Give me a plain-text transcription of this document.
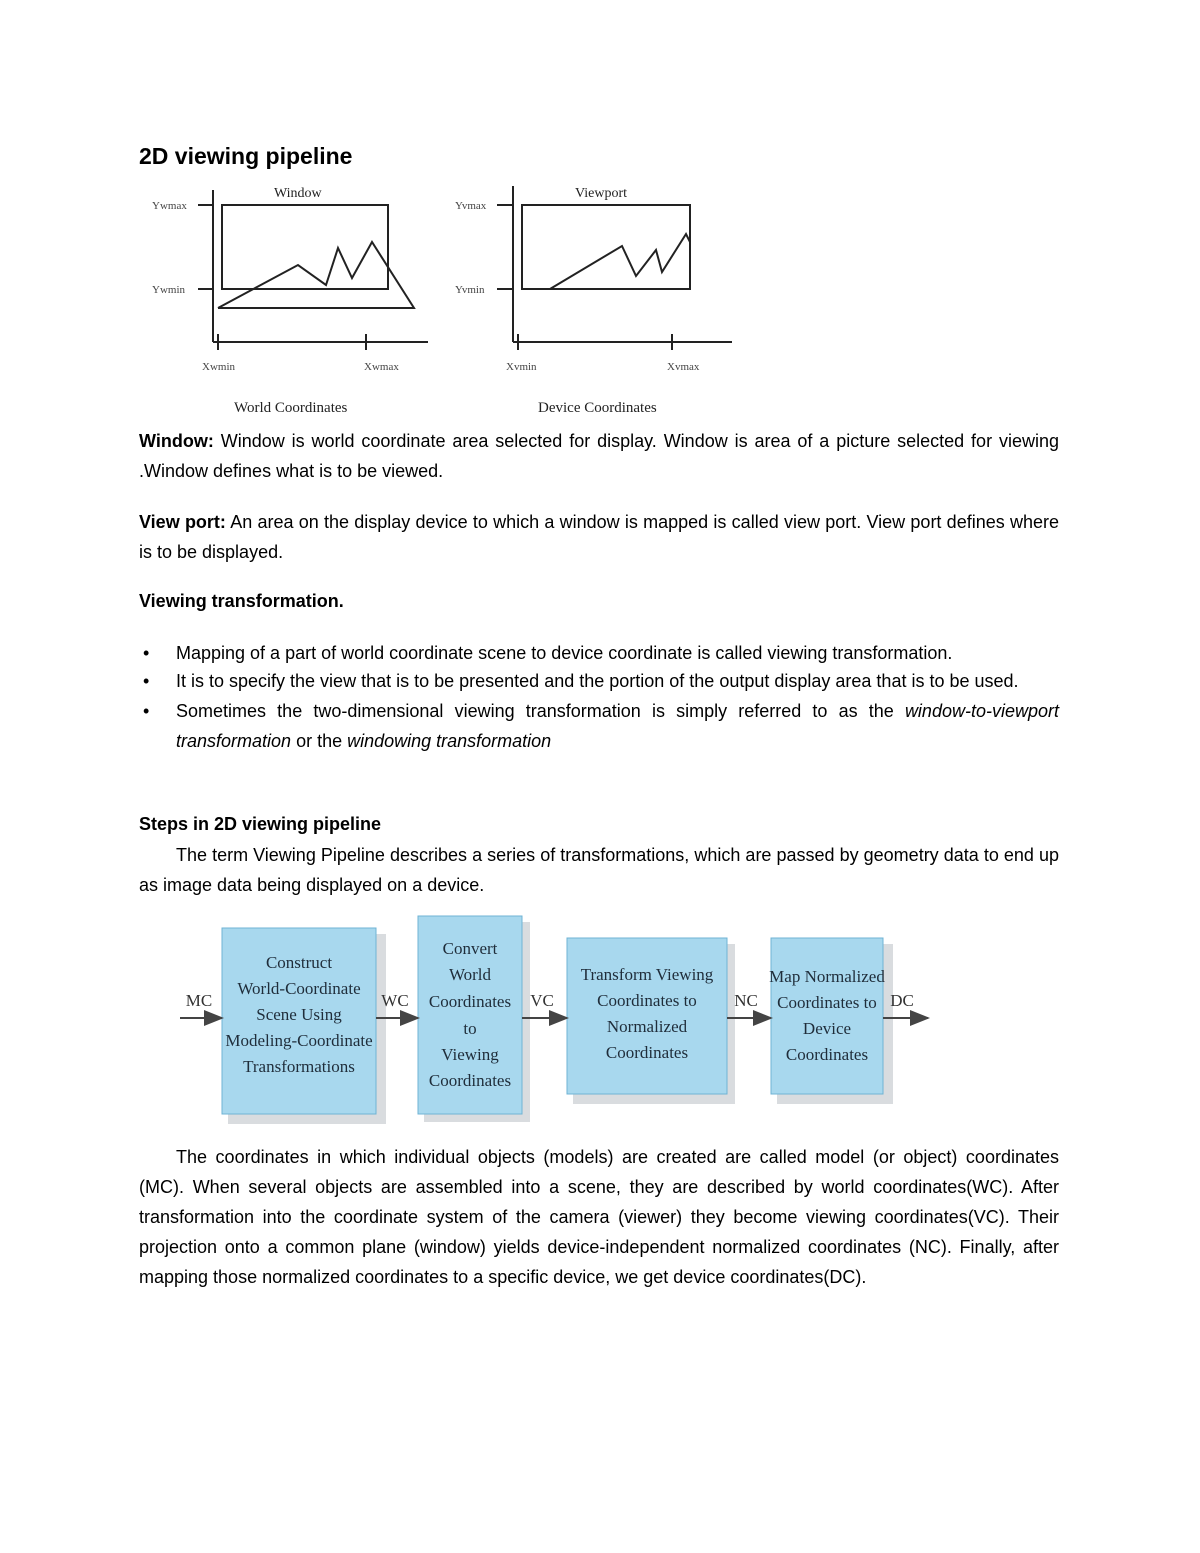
2D viewing pipeline
Ywmax
Ywmin
Xwmin	Xwmax
Window
World Coordinates
Yvmax
Yvmin
Xvmin	Xvmax
Viewport
Device Coordinates
Window: Window is world coordinate area selected for display. Window is area of a picture selected for viewing .Window defines what is to be viewed.
View port: An area on the display device to which a window is mapped is called view port. View port defines where is to be displayed.
Viewing transformation.
• Mapping of a part of world coordinate scene to device coordinate is called viewing transformation.
• It is to specify the view that is to be presented and the portion of the output display area that is to be used.
• Sometimes the two-dimensional viewing transformation is simply referred to as the window-to-viewport transformation or the windowing transformation
Steps in 2D viewing pipeline
The term Viewing Pipeline describes a series of transformations, which are passed by geometry data to end up as image data being displayed on a device.
MC	WC	VC	NC	DC
Construct
World-Coordinate
Scene Using
Modeling-Coordinate
Transformations
Convert
World
Coordinates
to
Viewing
Coordinates
Transform Viewing
Coordinates to
Normalized
Coordinates
Map Normalized
Coordinates to
Device
Coordinates
The coordinates in which individual objects (models) are created are called model (or object) coordinates (MC). When several objects are assembled into a scene, they are described by world coordinates(WC). After transformation into the coordinate system of the camera (viewer) they become viewing coordinates(VC). Their projection onto a common plane (window) yields device-independent normalized coordinates (NC). Finally, after mapping those normalized coordinates to a specific device, we get device coordinates(DC).
